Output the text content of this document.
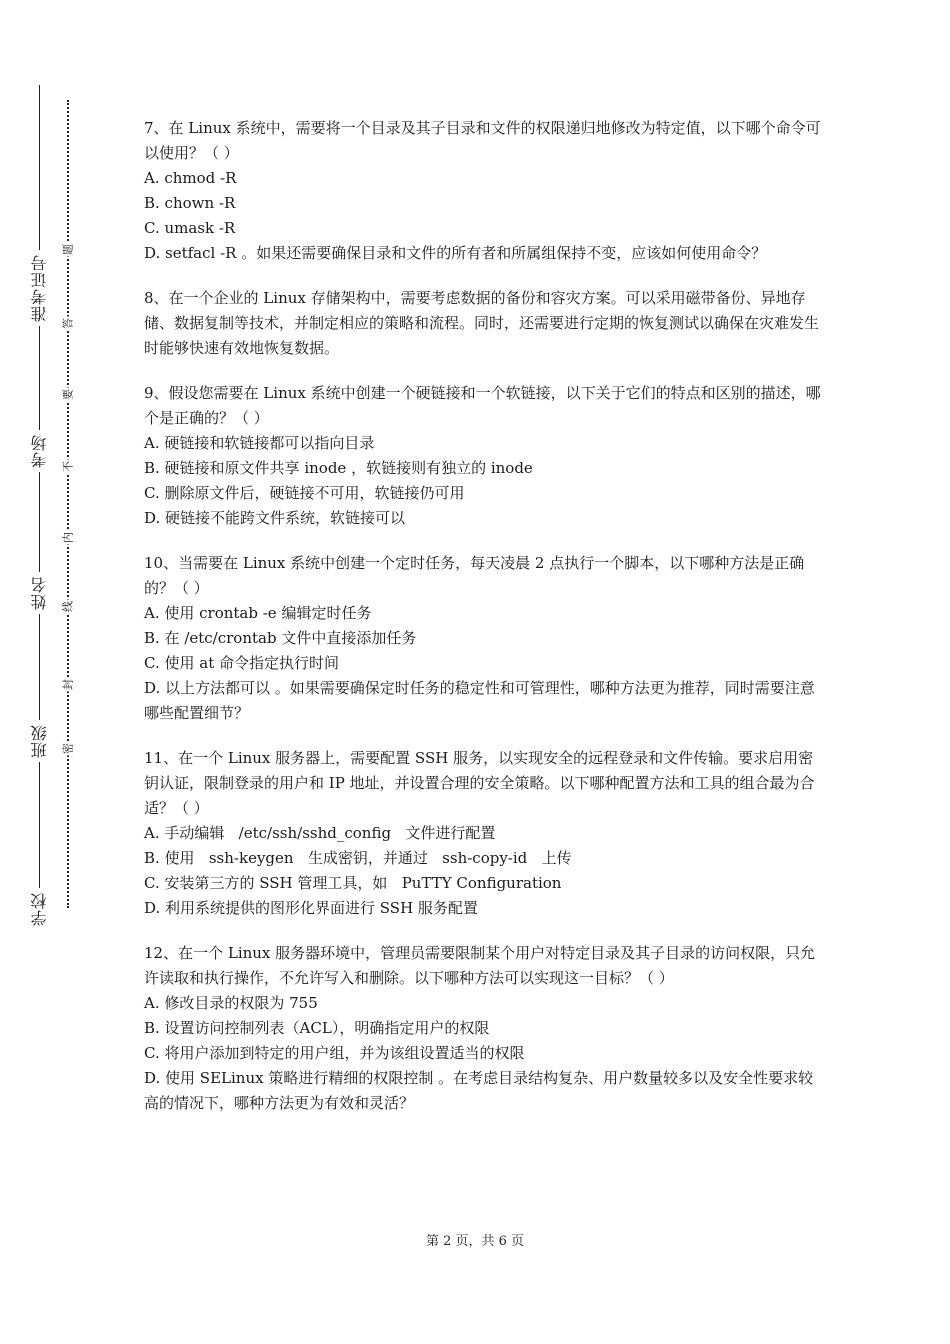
准考证号
考场
姓名
班级
学校
密
封
线
内
不
要
答
题

7、在 Linux 系统中，需要将一个目录及其子目录和文件的权限递归地修改为特定值，以下哪个命令可以使用？（ ）

A. chmod -R

B. chown -R

C. umask -R

D. setfacl -R 。如果还需要确保目录和文件的所有者和所属组保持不变，应该如何使用命令？

8、在一个企业的 Linux 存储架构中，需要考虑数据的备份和容灾方案。可以采用磁带备份、异地存储、数据复制等技术，并制定相应的策略和流程。同时，还需要进行定期的恢复测试以确保在灾难发生时能够快速有效地恢复数据。

9、假设您需要在 Linux 系统中创建一个硬链接和一个软链接，以下关于它们的特点和区别的描述，哪个是正确的？（ ）

A. 硬链接和软链接都可以指向目录

B. 硬链接和原文件共享 inode ，软链接则有独立的 inode

C. 删除原文件后，硬链接不可用，软链接仍可用

D. 硬链接不能跨文件系统，软链接可以

10、当需要在 Linux 系统中创建一个定时任务，每天凌晨 2 点执行一个脚本，以下哪种方法是正确的？（ ）

A. 使用 crontab -e 编辑定时任务

B. 在 /etc/crontab 文件中直接添加任务

C. 使用 at 命令指定执行时间

D. 以上方法都可以 。如果需要确保定时任务的稳定性和可管理性，哪种方法更为推荐，同时需要注意哪些配置细节？

11、在一个 Linux 服务器上，需要配置 SSH 服务，以实现安全的远程登录和文件传输。要求启用密钥认证，限制登录的用户和 IP 地址，并设置合理的安全策略。以下哪种配置方法和工具的组合最为合适？（ ）

A. 手动编辑   /etc/ssh/sshd_config   文件进行配置

B. 使用   ssh-keygen   生成密钥，并通过   ssh-copy-id   上传

C. 安装第三方的 SSH 管理工具，如   PuTTY Configuration

D. 利用系统提供的图形化界面进行 SSH 服务配置

12、在一个 Linux 服务器环境中，管理员需要限制某个用户对特定目录及其子目录的访问权限，只允许读取和执行操作，不允许写入和删除。以下哪种方法可以实现这一目标？（ ）

A. 修改目录的权限为 755

B. 设置访问控制列表（ACL），明确指定用户的权限

C. 将用户添加到特定的用户组，并为该组设置适当的权限

D. 使用 SELinux 策略进行精细的权限控制 。在考虑目录结构复杂、用户数量较多以及安全性要求较高的情况下，哪种方法更为有效和灵活？

第 2 页，共 6 页
